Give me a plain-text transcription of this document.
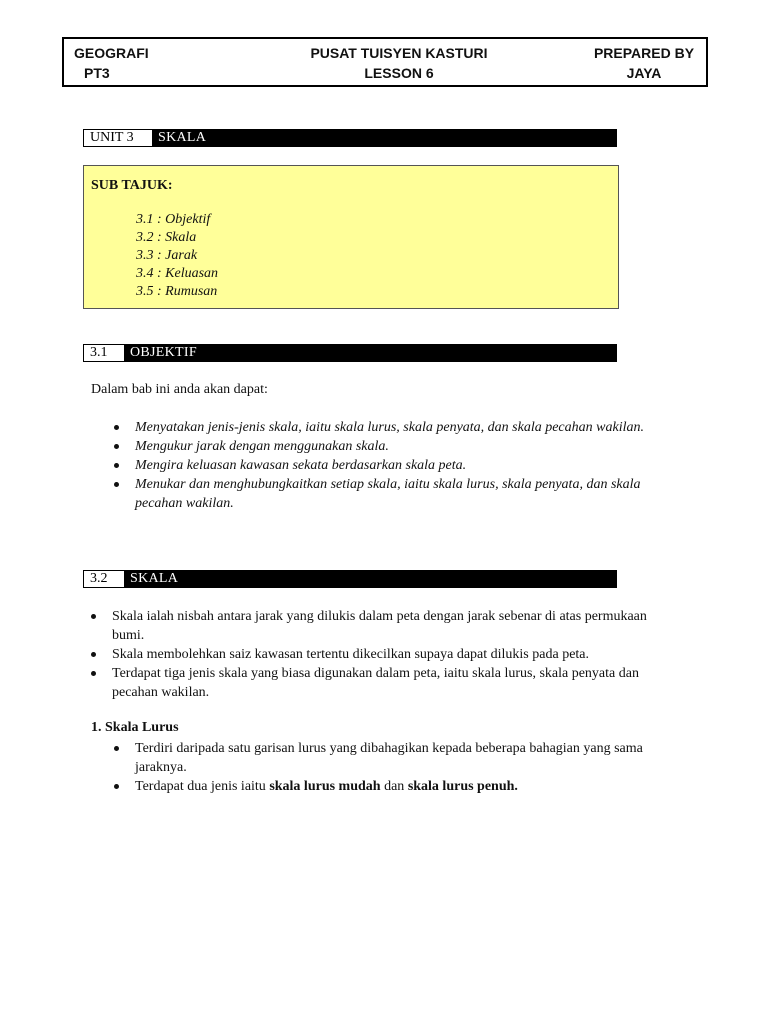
GEOGRAFI
PT3
PUSAT TUISYEN KASTURI
LESSON 6
PREPARED BY
JAYA
UNIT 3	SKALA
SUB TAJUK:
3.1 : Objektif
3.2 : Skala
3.3 : Jarak
3.4 : Keluasan
3.5 : Rumusan
3.1	OBJEKTIF
Dalam bab ini anda akan dapat:
Menyatakan jenis-jenis skala, iaitu skala lurus, skala penyata, dan skala pecahan wakilan.
Mengukur jarak dengan menggunakan skala.
Mengira keluasan kawasan sekata berdasarkan skala peta.
Menukar dan menghubungkaitkan setiap skala, iaitu skala lurus, skala penyata, dan skala pecahan wakilan.
3.2	SKALA
Skala ialah nisbah antara jarak yang dilukis dalam peta dengan jarak sebenar di atas permukaan bumi.
Skala membolehkan saiz kawasan tertentu dikecilkan supaya dapat dilukis pada peta.
Terdapat tiga jenis skala yang biasa digunakan dalam peta, iaitu skala lurus, skala penyata dan pecahan wakilan.
1. Skala Lurus
Terdiri daripada satu garisan lurus yang dibahagikan kepada beberapa bahagian yang sama jaraknya.
Terdapat dua jenis iaitu skala lurus mudah dan skala lurus penuh.
